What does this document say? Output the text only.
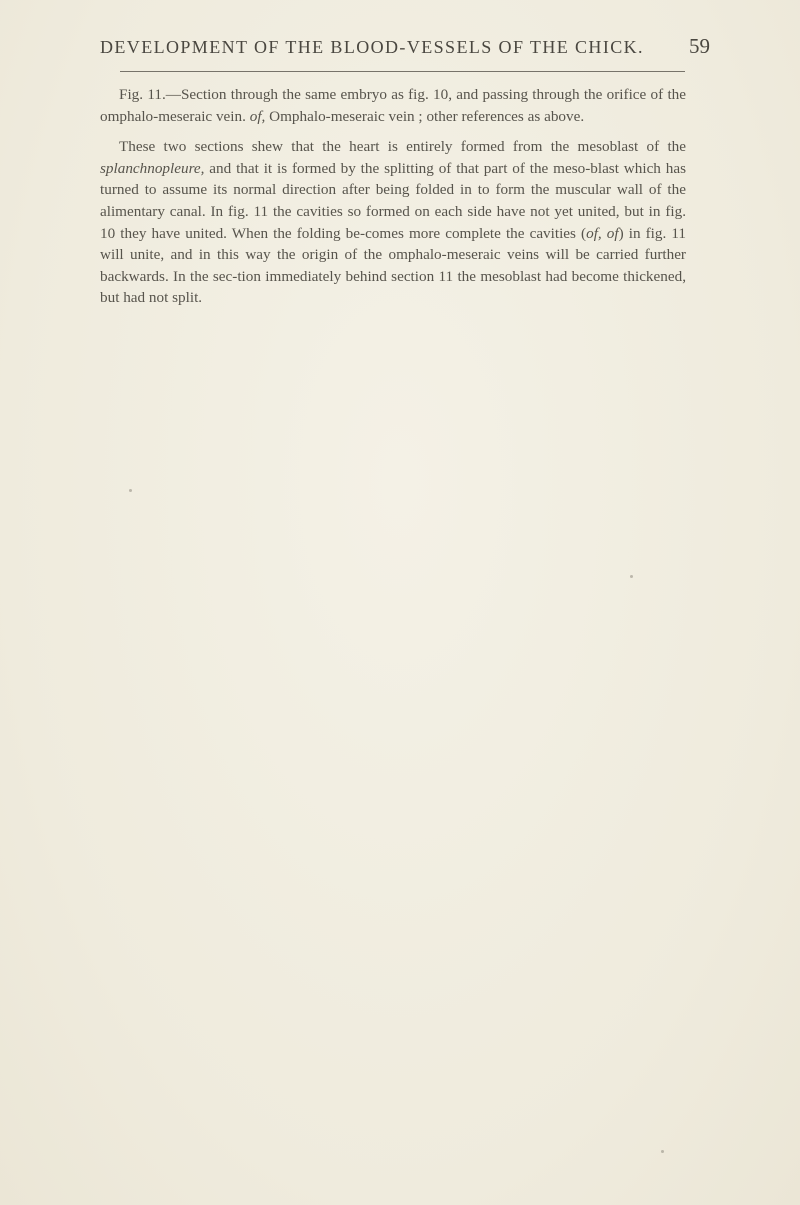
DEVELOPMENT OF THE BLOOD-VESSELS OF THE CHICK. 59

Fig. 11.—Section through the same embryo as fig. 10, and passing through the orifice of the omphalo-meseraic vein. of, Omphalo-meseraic vein ; other references as above.

These two sections shew that the heart is entirely formed from the mesoblast of the splanchnopleure, and that it is formed by the splitting of that part of the meso-blast which has turned to assume its normal direction after being folded in to form the muscular wall of the alimentary canal. In fig. 11 the cavities so formed on each side have not yet united, but in fig. 10 they have united. When the folding be-comes more complete the cavities (of, of) in fig. 11 will unite, and in this way the origin of the omphalo-meseraic veins will be carried further backwards. In the sec-tion immediately behind section 11 the mesoblast had become thickened, but had not split.
